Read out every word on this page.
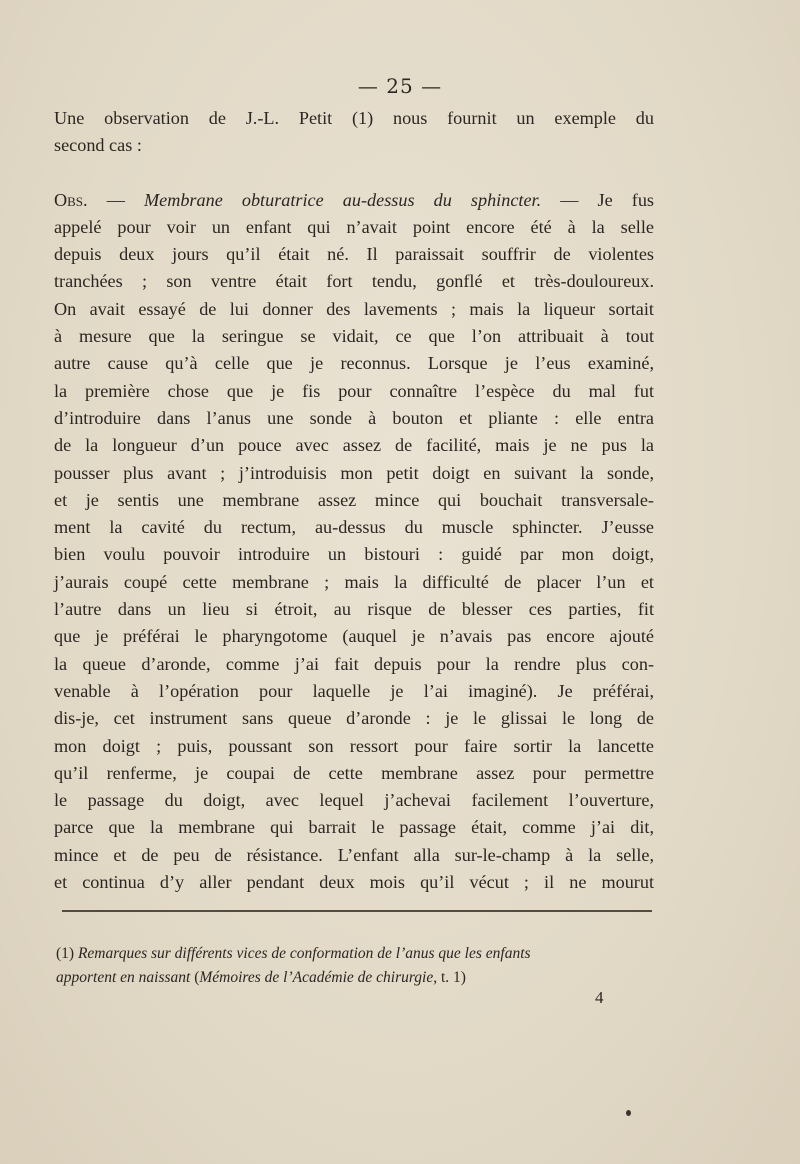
— 25 —
Une observation de J.-L. Petit (1) nous fournit un exemple du
second cas :
Obs. — Membrane obturatrice au-dessus du sphincter. — Je fus
appelé pour voir un enfant qui n’avait point encore été à la selle
depuis deux jours qu’il était né. Il paraissait souffrir de violentes
tranchées ; son ventre était fort tendu, gonflé et très-douloureux.
On avait essayé de lui donner des lavements ; mais la liqueur sortait
à mesure que la seringue se vidait, ce que l’on attribuait à tout
autre cause qu’à celle que je reconnus. Lorsque je l’eus examiné,
la première chose que je fis pour connaître l’espèce du mal fut
d’introduire dans l’anus une sonde à bouton et pliante : elle entra
de la longueur d’un pouce avec assez de facilité, mais je ne pus la
pousser plus avant ; j’introduisis mon petit doigt en suivant la sonde,
et je sentis une membrane assez mince qui bouchait transversale-
ment la cavité du rectum, au-dessus du muscle sphincter. J’eusse
bien voulu pouvoir introduire un bistouri : guidé par mon doigt,
j’aurais coupé cette membrane ; mais la difficulté de placer l’un et
l’autre dans un lieu si étroit, au risque de blesser ces parties, fit
que je préférai le pharyngotome (auquel je n’avais pas encore ajouté
la queue d’aronde, comme j’ai fait depuis pour la rendre plus con-
venable à l’opération pour laquelle je l’ai imaginé). Je préférai,
dis-je, cet instrument sans queue d’aronde : je le glissai le long de
mon doigt ; puis, poussant son ressort pour faire sortir la lancette
qu’il renferme, je coupai de cette membrane assez pour permettre
le passage du doigt, avec lequel j’achevai facilement l’ouverture,
parce que la membrane qui barrait le passage était, comme j’ai dit,
mince et de peu de résistance. L’enfant alla sur-le-champ à la selle,
et continua d’y aller pendant deux mois qu’il vécut ; il ne mourut
(1) Remarques sur différents vices de conformation de l’anus que les enfants
apportent en naissant (Mémoires de l’Académie de chirurgie, t. 1)
4
